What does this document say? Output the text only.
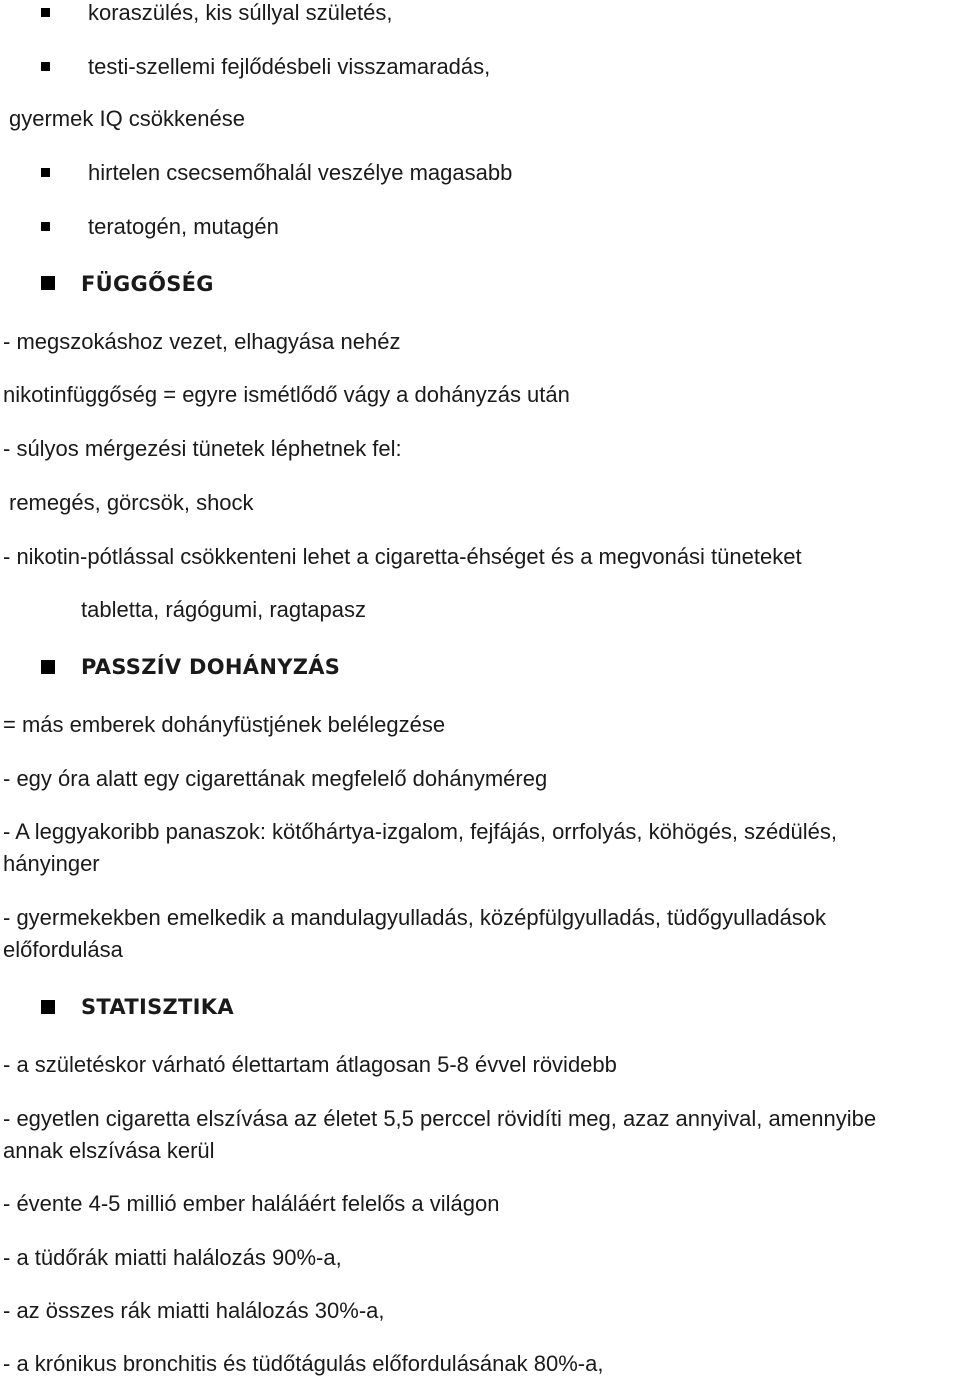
koraszülés, kis súllyal születés,
testi-szellemi fejlődésbeli visszamaradás,
gyermek IQ csökkenése
hirtelen csecsemőhalál veszélye magasabb
teratogén, mutagén
FÜGGŐSÉG
- megszokáshoz vezet, elhagyása nehéz
nikotinfüggőség = egyre ismétlődő vágy a dohányzás után
- súlyos mérgezési tünetek léphetnek fel:
remegés, görcsök, shock
- nikotin-pótlással csökkenteni lehet a cigaretta-éhséget és a megvonási tüneteket
tabletta, rágógumi, ragtapasz
PASSZÍV DOHÁNYZÁS
= más emberek dohányfüstjének belélegzése
- egy óra alatt egy cigarettának megfelelő dohányméreg
- A leggyakoribb panaszok: kötőhártya-izgalom, fejfájás, orrfolyás, köhögés, szédülés,
hányinger
- gyermekekben emelkedik a mandulagyulladás, középfülgyulladás, tüdőgyulladások
előfordulása
STATISZTIKA
- a születéskor várható élettartam átlagosan 5-8 évvel rövidebb
- egyetlen cigaretta elszívása az életet 5,5 perccel rövidíti meg, azaz annyival, amennyibe
annak elszívása kerül
- évente 4-5 millió ember haláláért felelős a világon
- a tüdőrák miatti halálozás 90%-a,
- az összes rák miatti halálozás 30%-a,
- a krónikus bronchitis és tüdőtágulás előfordulásának 80%-a,
